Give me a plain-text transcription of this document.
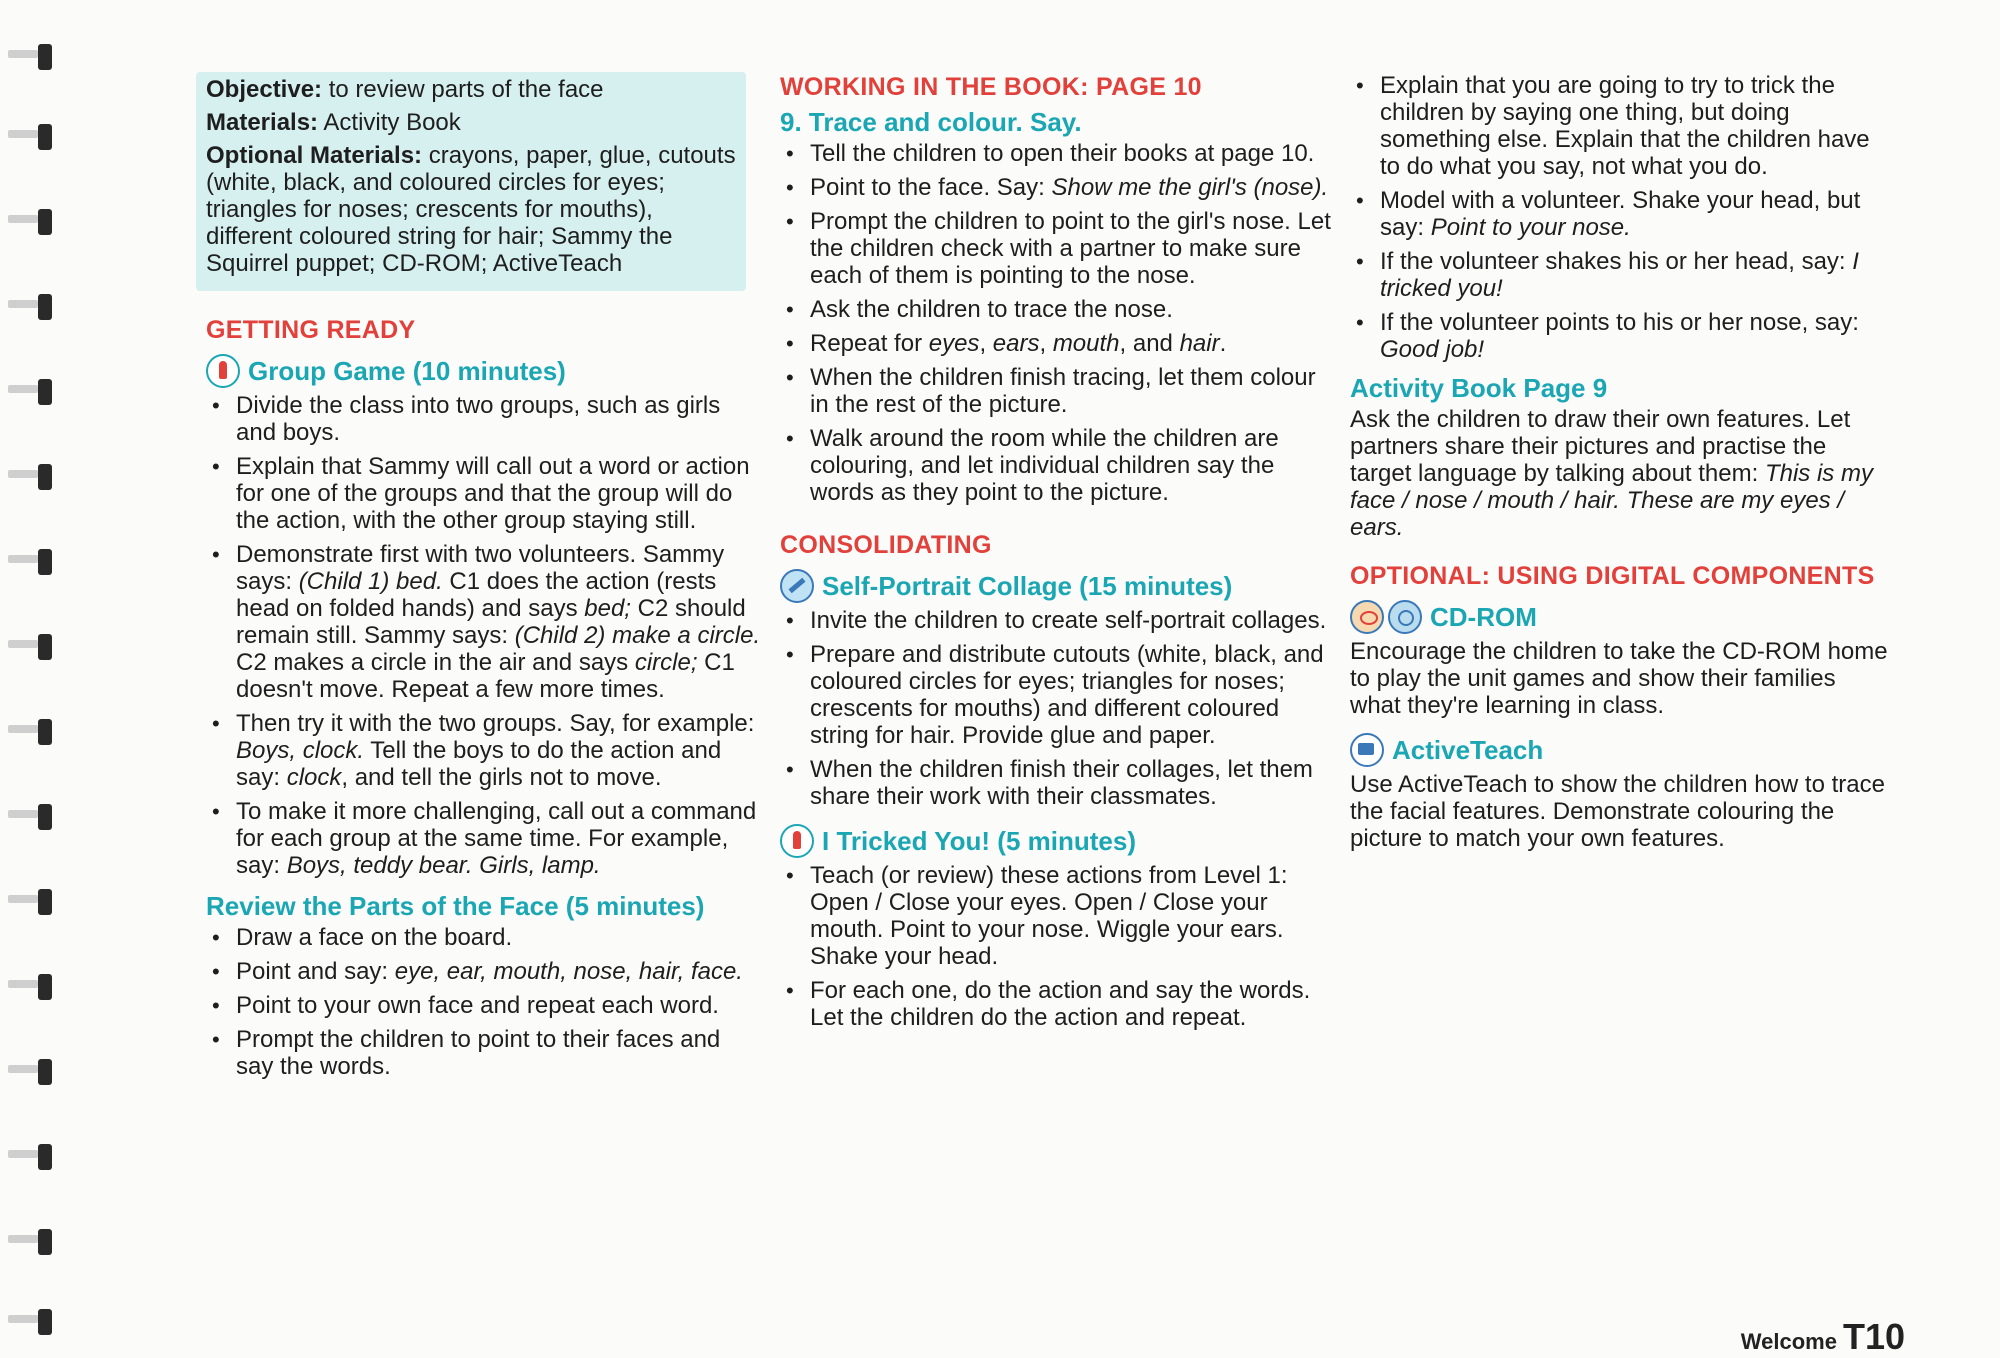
Objective: to review parts of the face

Materials: Activity Book

Optional Materials: crayons, paper, glue, cutouts (white, black, and coloured circles for eyes; triangles for noses; crescents for mouths), different coloured string for hair; Sammy the Squirrel puppet; CD-ROM; ActiveTeach

GETTING READY
Group Game (10 minutes)
• Divide the class into two groups, such as girls and boys.
• Explain that Sammy will call out a word or action for one of the groups and that the group will do the action, with the other group staying still.
• Demonstrate first with two volunteers. Sammy says: (Child 1) bed. C1 does the action (rests head on folded hands) and says bed; C2 should remain still. Sammy says: (Child 2) make a circle. C2 makes a circle in the air and says circle; C1 doesn't move. Repeat a few more times.
• Then try it with the two groups. Say, for example: Boys, clock. Tell the boys to do the action and say: clock, and tell the girls not to move.
• To make it more challenging, call out a command for each group at the same time. For example, say: Boys, teddy bear. Girls, lamp.
Review the Parts of the Face (5 minutes)
• Draw a face on the board.
• Point and say: eye, ear, mouth, nose, hair, face.
• Point to your own face and repeat each word.
• Prompt the children to point to their faces and say the words.
WORKING IN THE BOOK: PAGE 10
9. Trace and colour. Say.
• Tell the children to open their books at page 10.
• Point to the face. Say: Show me the girl's (nose).
• Prompt the children to point to the girl's nose. Let the children check with a partner to make sure each of them is pointing to the nose.
• Ask the children to trace the nose.
• Repeat for eyes, ears, mouth, and hair.
• When the children finish tracing, let them colour in the rest of the picture.
• Walk around the room while the children are colouring, and let individual children say the words as they point to the picture.
CONSOLIDATING
Self-Portrait Collage (15 minutes)
• Invite the children to create self-portrait collages.
• Prepare and distribute cutouts (white, black, and coloured circles for eyes; triangles for noses; crescents for mouths) and different coloured string for hair. Provide glue and paper.
• When the children finish their collages, let them share their work with their classmates.
I Tricked You! (5 minutes)
• Teach (or review) these actions from Level 1: Open / Close your eyes. Open / Close your mouth. Point to your nose. Wiggle your ears. Shake your head.
• For each one, do the action and say the words. Let the children do the action and repeat.
• Explain that you are going to try to trick the children by saying one thing, but doing something else. Explain that the children have to do what you say, not what you do.
• Model with a volunteer. Shake your head, but say: Point to your nose.
• If the volunteer shakes his or her head, say: I tricked you!
• If the volunteer points to his or her nose, say: Good job!
Activity Book Page 9

Ask the children to draw their own features. Let partners share their pictures and practise the target language by talking about them: This is my face / nose / mouth / hair. These are my eyes / ears.

OPTIONAL: USING DIGITAL COMPONENTS
CD-ROM

Encourage the children to take the CD-ROM home to play the unit games and show their families what they're learning in class.

ActiveTeach

Use ActiveTeach to show the children how to trace the facial features. Demonstrate colouring the picture to match your own features.

Welcome T10
